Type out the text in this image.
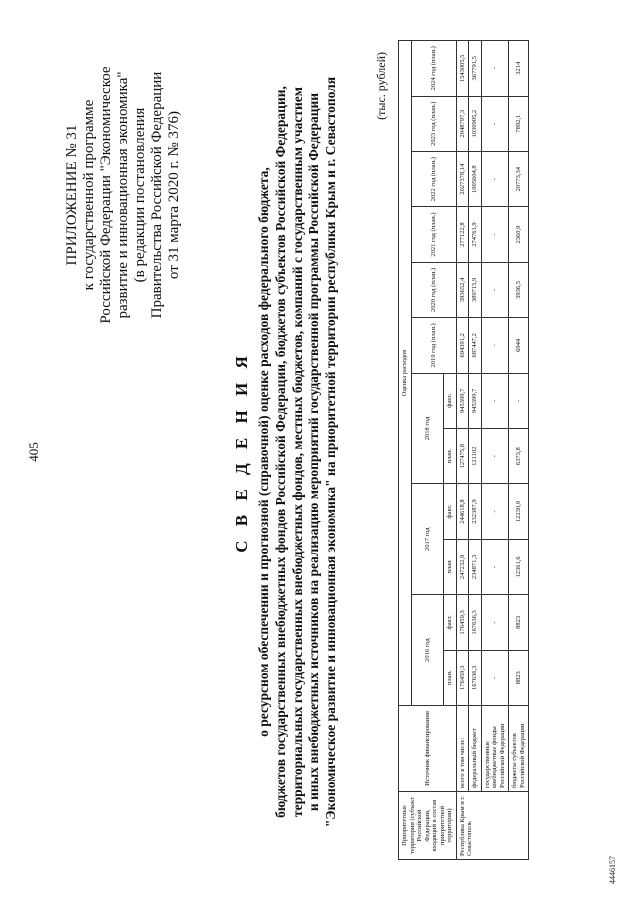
405
ПРИЛОЖЕНИЕ № 31 к государственной программе Российской Федерации "Экономическое развитие и инновационная экономика" (в редакции постановления Правительства Российской Федерации от 31 марта 2020 г. № 376)
С В Е Д Е Н И Я о ресурсном обеспечении и прогнозной (справочной) оценке расходов федерального бюджета, бюджетов государственных внебюджетных фондов Российской Федерации, бюджетов субъектов Российской Федерации, территориальных государственных внебюджетных фондов, местных бюджетов, компаний с государственным участием и иных внебюджетных источников на реализацию мероприятий государственной программы Российской Федерации "Экономическое развитие и инновационная экономика" на приоритетной территории республики Крым и г. Севастополя	(тыс. рублей)
Приоритетные территории (субъект Российской Федерации, входящий в состав приоритетной территории)	Источник финансирования	Оценка расходов											
		2016 год		2017 год		2018 год		2019 год (план.)	2020 год (план.)	2021 год (план.)	2022 год (план.)	2023 год (план.)	2024 год (план.)
		план.	факт.	план	факт.	план.	факт.						
Республика Крым и г. Севастополь	всего в том числе:	176459,3	176459,3	247232,9	244618,8	127475,8	945399,7	694391,2	393652,4	277122,8	2027378,14	2048797,3	1543005,5
	федеральный бюджет	167636,3	167636,3	234871,3	232387,9	121102	945399,7	687447,2	389715,9	274761,9	1005604,8	1030905,2	367791,5
	государственные внебюджетные фонды Российской Федерации	-	-	-	-	-	-	-	-	-	-	-	-
	бюджеты субъектов Российской Федерации	8823	8823	12361,6	12230,9	6373,8	-	6944	3936,5	2360,9	20773,34	7892,1	3214
4446157
